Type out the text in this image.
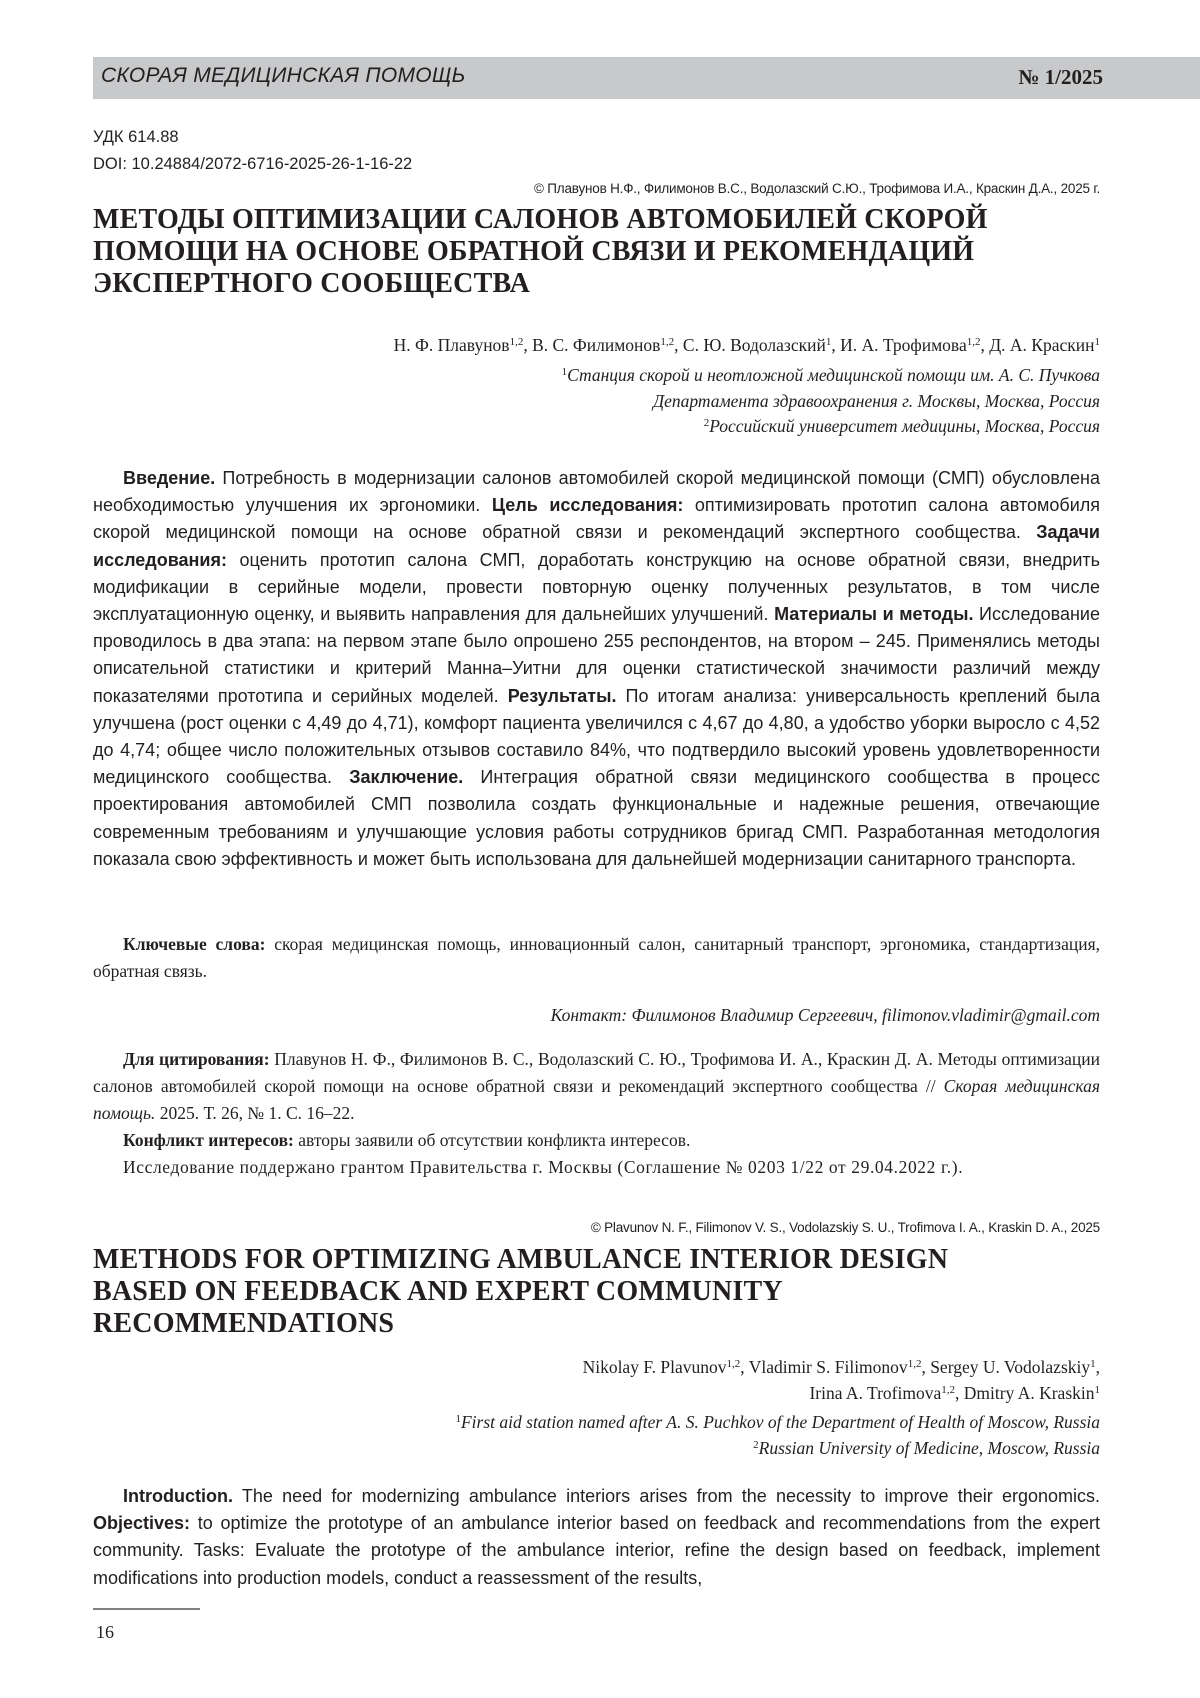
СКОРАЯ МЕДИЦИНСКАЯ ПОМОЩЬ	№ 1/2025
УДК 614.88
DOI: 10.24884/2072-6716-2025-26-1-16-22
© Плавунов Н.Ф., Филимонов В.С., Водолазский С.Ю., Трофимова И.А., Краскин Д.А., 2025 г.
МЕТОДЫ ОПТИМИЗАЦИИ САЛОНОВ АВТОМОБИЛЕЙ СКОРОЙ
ПОМОЩИ НА ОСНОВЕ ОБРАТНОЙ СВЯЗИ И РЕКОМЕНДАЦИЙ
ЭКСПЕРТНОГО СООБЩЕСТВА
Н. Ф. Плавунов$^{1,2}$, В. С. Филимонов$^{1,2}$, С. Ю. Водолазский$^1$, И. А. Трофимова$^{1,2}$, Д. А. Краскин$^1$
$^1$Станция скорой и неотложной медицинской помощи им. А. С. Пучкова
Департамента здравоохранения г. Москвы, Москва, Россия
$^2$Российский университет медицины, Москва, Россия

Введение. Потребность в модернизации салонов автомобилей скорой медицинской помощи (СМП) обусловлена необходимостью улучшения их эргономики. Цель исследования: оптимизировать прототип салона автомобиля скорой медицинской помощи на основе обратной связи и рекомендаций экспертного сообщества. Задачи исследования: оценить прототип салона СМП, доработать конструкцию на основе обратной связи, внедрить модификации в серийные модели, провести повторную оценку полученных результатов, в том числе эксплуатационную оценку, и выявить направления для дальнейших улучшений. Материалы и методы. Исследование проводилось в два этапа: на первом этапе было опрошено 255 респондентов, на втором – 245. Применялись методы описательной статистики и критерий Манна–Уитни для оценки статистической значимости различий между показателями прототипа и серийных моделей. Результаты. По итогам анализа: универсальность креплений была улучшена (рост оценки с 4,49 до 4,71), комфорт пациента увеличился с 4,67 до 4,80, а удобство уборки выросло с 4,52 до 4,74; общее число положительных отзывов составило 84%, что подтвердило высокий уровень удовлетворенности медицинского сообщества. Заключение. Интеграция обратной связи медицинского сообщества в процесс проектирования автомобилей СМП позволила создать функциональные и надежные решения, отвечающие современным требованиям и улучшающие условия работы сотрудников бригад СМП. Разработанная методология показала свою эффективность и может быть использована для дальнейшей модернизации санитарного транспорта.

Ключевые слова: скорая медицинская помощь, инновационный салон, санитарный транспорт, эргономика, стандартизация, обратная связь.

Контакт: Филимонов Владимир Сергеевич, filimonov.vladimir@gmail.com

Для цитирования: Плавунов Н. Ф., Филимонов В. С., Водолазский С. Ю., Трофимова И. А., Краскин Д. А. Методы оптимизации салонов автомобилей скорой помощи на основе обратной связи и рекомендаций экспертного сообщества // Скорая медицинская помощь. 2025. Т. 26, № 1. С. 16–22.

Конфликт интересов: авторы заявили об отсутствии конфликта интересов.

Исследование поддержано грантом Правительства г. Москвы (Соглашение № 0203 1/22 от 29.04.2022 г.).

© Plavunov N. F., Filimonov V. S., Vodolazskiy S. U., Trofimova I. A., Kraskin D. A., 2025
METHODS FOR OPTIMIZING AMBULANCE INTERIOR DESIGN
BASED ON FEEDBACK AND EXPERT COMMUNITY
RECOMMENDATIONS
Nikolay F. Plavunov$^{1,2}$, Vladimir S. Filimonov$^{1,2}$, Sergey U. Vodolazskiy$^1$,
Irina A. Trofimova$^{1,2}$, Dmitry A. Kraskin$^1$
$^1$First aid station named after A. S. Puchkov of the Department of Health of Moscow, Russia
$^2$Russian University of Medicine, Moscow, Russia

Introduction. The need for modernizing ambulance interiors arises from the necessity to improve their ergonomics. Objectives: to optimize the prototype of an ambulance interior based on feedback and recommendations from the expert community. Tasks: Evaluate the prototype of the ambulance interior, refine the design based on feedback, implement modifications into production models, conduct a reassessment of the results,

16
